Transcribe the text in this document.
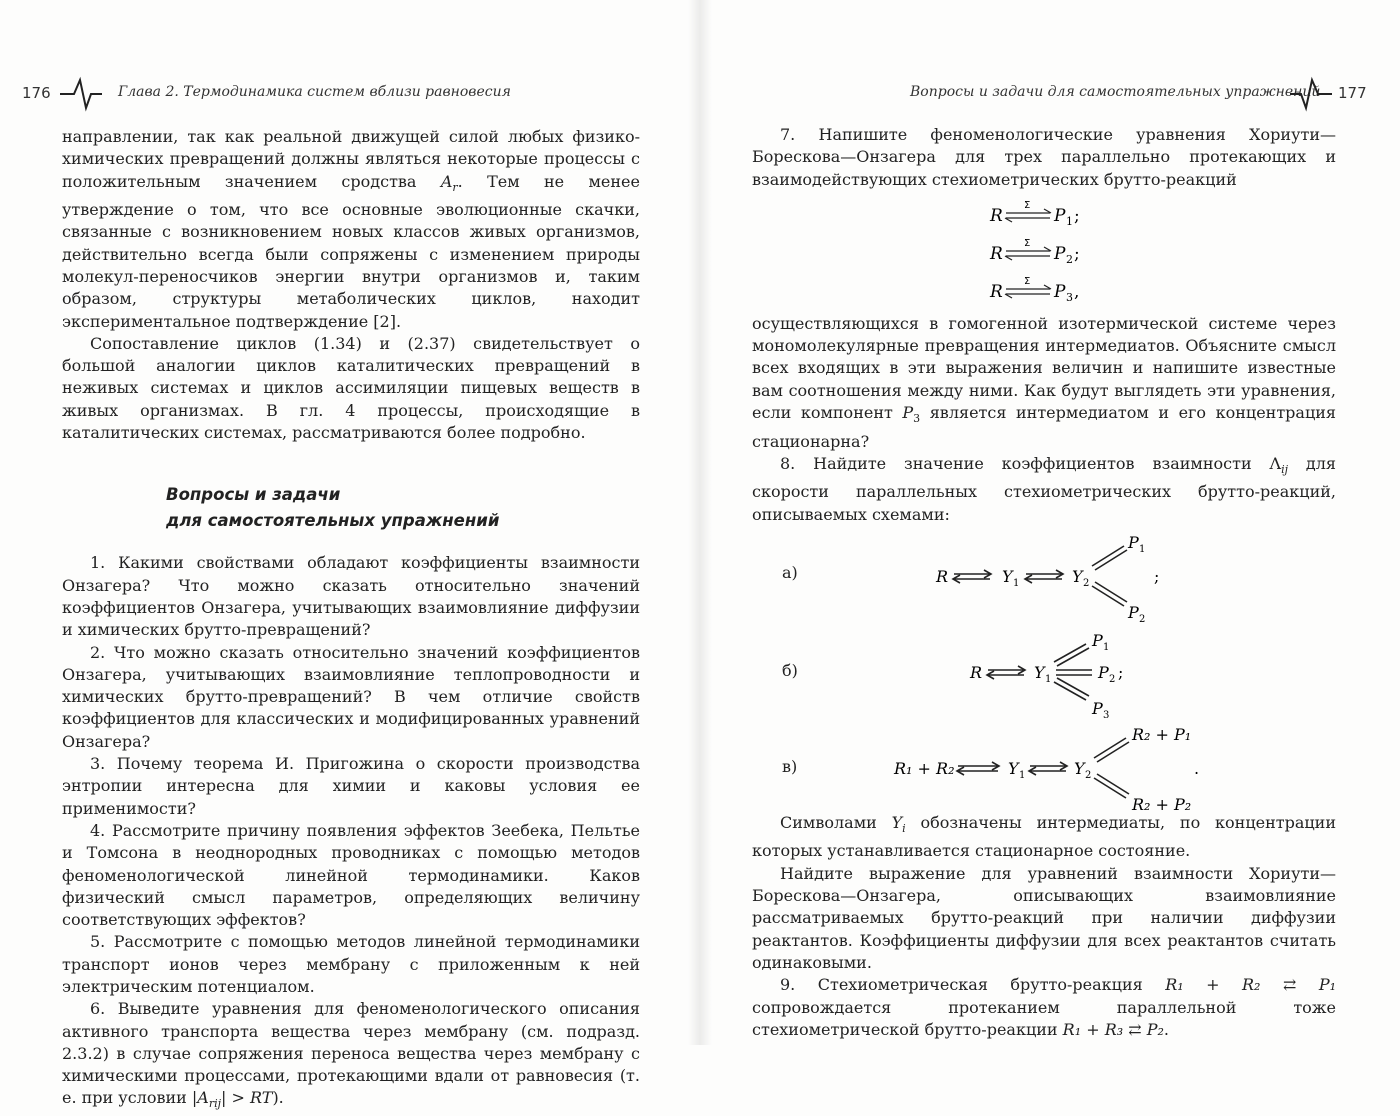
176	Глава 2. Термодинамика систем вблизи равновесия

направлении, так как реальной движущей силой любых физико-химических превращений должны являться некоторые процессы с положительным значением сродства $A_r$. Тем не менее утверждение о том, что все основные эволюционные скачки, связанные с возникновением новых классов живых организмов, действительно всегда были сопряжены с изменением природы молекул-переносчиков энергии внутри организмов и, таким образом, структуры метаболических циклов, находит экспериментальное подтверждение [2].

Сопоставление циклов (1.34) и (2.37) свидетельствует о большой аналогии циклов каталитических превращений в неживых системах и циклов ассимиляции пищевых веществ в живых организмах. В гл. 4 процессы, происходящие в каталитических системах, рассматриваются более подробно.

Вопросы и задачи
для самостоятельных упражнений

1. Какими свойствами обладают коэффициенты взаимности Онзагера? Что можно сказать относительно значений коэффициентов Онзагера, учитывающих взаимовлияние диффузии и химических брутто-превращений?

2. Что можно сказать относительно значений коэффициентов Онзагера, учитывающих взаимовлияние теплопроводности и химических брутто-превращений? В чем отличие свойств коэффициентов для классических и модифицированных уравнений Онзагера?

3. Почему теорема И. Пригожина о скорости производства энтропии интересна для химии и каковы условия ее применимости?

4. Рассмотрите причину появления эффектов Зеебека, Пельтье и Томсона в неоднородных проводниках с помощью методов феноменологической линейной термодинамики. Каков физический смысл параметров, определяющих величину соответствующих эффектов?

5. Рассмотрите с помощью методов линейной термодинамики транспорт ионов через мембрану с приложенным к ней электрическим потенциалом.

6. Выведите уравнения для феноменологического описания активного транспорта вещества через мембрану (см. подразд. 2.3.2) в случае сопряжения переноса вещества через мембрану с химическими процессами, протекающими вдали от равновесия (т. е. при условии $|A_{rij}| > RT$).

Вопросы и задачи для самостоятельных упражнений 177

7. Напишите феноменологические уравнения Хориути—Борескова—Онзагера для трех параллельно протекающих и взаимодействующих стехиометрических брутто-реакций

R
Σ
P 1 ;
R
Σ
P 2 ;
R
Σ
P 3 ,

осуществляющихся в гомогенной изотермической системе через мономолекулярные превращения интермедиатов. Объясните смысл всех входящих в эти выражения величин и напишите известные вам соотношения между ними. Как будут выглядеть эти уравнения, если компонент $P_3$ является интермедиатом и его концентрация стационарна?

8. Найдите значение коэффициентов взаимности $\Lambda_{ij}$ для скорости параллельных стехиометрических брутто-реакций, описываемых схемами:

а)	R	Y	Y
P
P
1	2
1
2
;
б)	R	Y
P
P
P
1
1
2
3
;
в)	R₁ + R₂	Y	Y
R₂ + P₁
R₂ + P₂
1	2	.

Символами $Y_i$ обозначены интермедиаты, по концентрации которых устанавливается стационарное состояние.

Найдите выражение для уравнений взаимности Хориути—Борескова—Онзагера, описывающих взаимовлияние рассматриваемых брутто-реакций при наличии диффузии реактантов. Коэффициенты диффузии для всех реактантов считать одинаковыми.

9. Стехиометрическая брутто-реакция R₁ + R₂ ⇄ P₁ сопровождается протеканием параллельной тоже стехиометрической брутто-реакции R₁ + R₃ ⇄ P₂.
